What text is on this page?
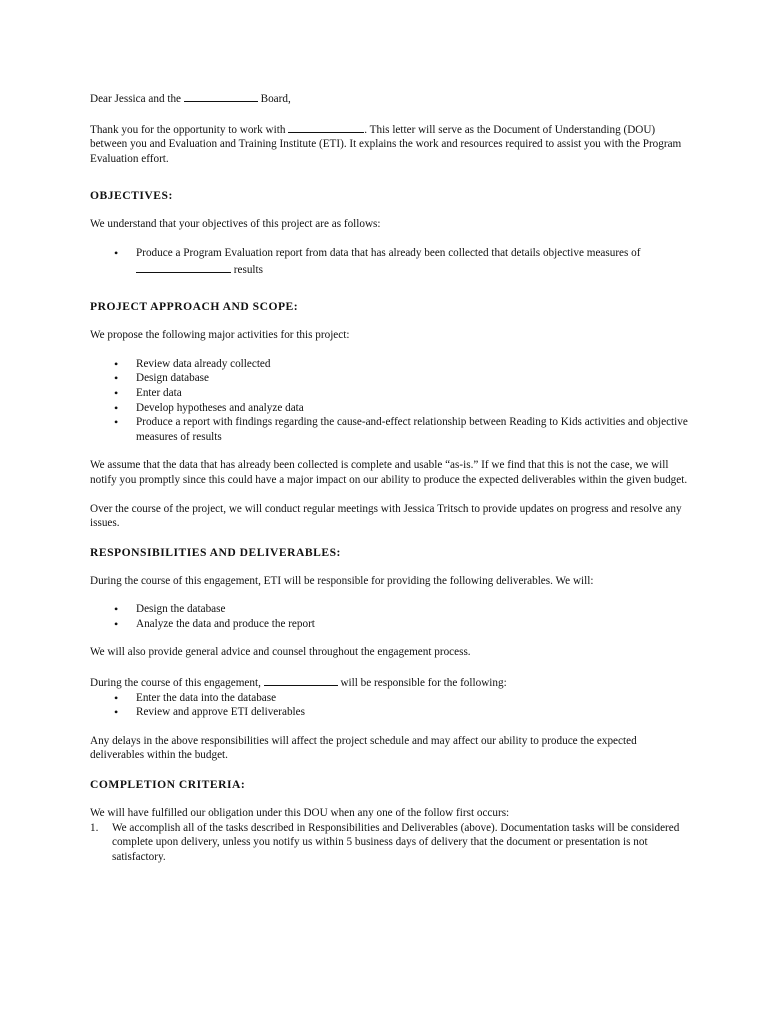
Dear Jessica and the	Board,

Thank you for the opportunity to work with	. This letter will serve as the Document of Understanding (DOU) between you and Evaluation and Training Institute (ETI). It explains the work and resources required to assist you with the Program Evaluation effort.

OBJECTIVES:

We understand that your objectives of this project are as follows:

• Produce a Program Evaluation report from data that has already been collected that details objective measures of  results
PROJECT APPROACH AND SCOPE:

We propose the following major activities for this project:

• Review data already collected
• Design database
• Enter data
• Develop hypotheses and analyze data
• Produce a report with findings regarding the cause-and-effect relationship between Reading to Kids activities and objective measures of results

We assume that the data that has already been collected is complete and usable “as-is.” If we find that this is not the case, we will notify you promptly since this could have a major impact on our ability to produce the expected deliverables within the given budget.

Over the course of the project, we will conduct regular meetings with Jessica Tritsch to provide updates on progress and resolve any issues.

RESPONSIBILITIES AND DELIVERABLES:

During the course of this engagement, ETI will be responsible for providing the following deliverables. We will:

• Design the database
• Analyze the data and produce the report

We will also provide general advice and counsel throughout the engagement process.

During the course of this engagement,	will be responsible for the following:

• Enter the data into the database
• Review and approve ETI deliverables

Any delays in the above responsibilities will affect the project schedule and may affect our ability to produce the expected deliverables within the budget.

COMPLETION CRITERIA:

We will have fulfilled our obligation under this DOU when any one of the follow first occurs:

1. We accomplish all of the tasks described in Responsibilities and Deliverables (above). Documentation tasks will be considered complete upon delivery, unless you notify us within 5 business days of delivery that the document or presentation is not satisfactory.
